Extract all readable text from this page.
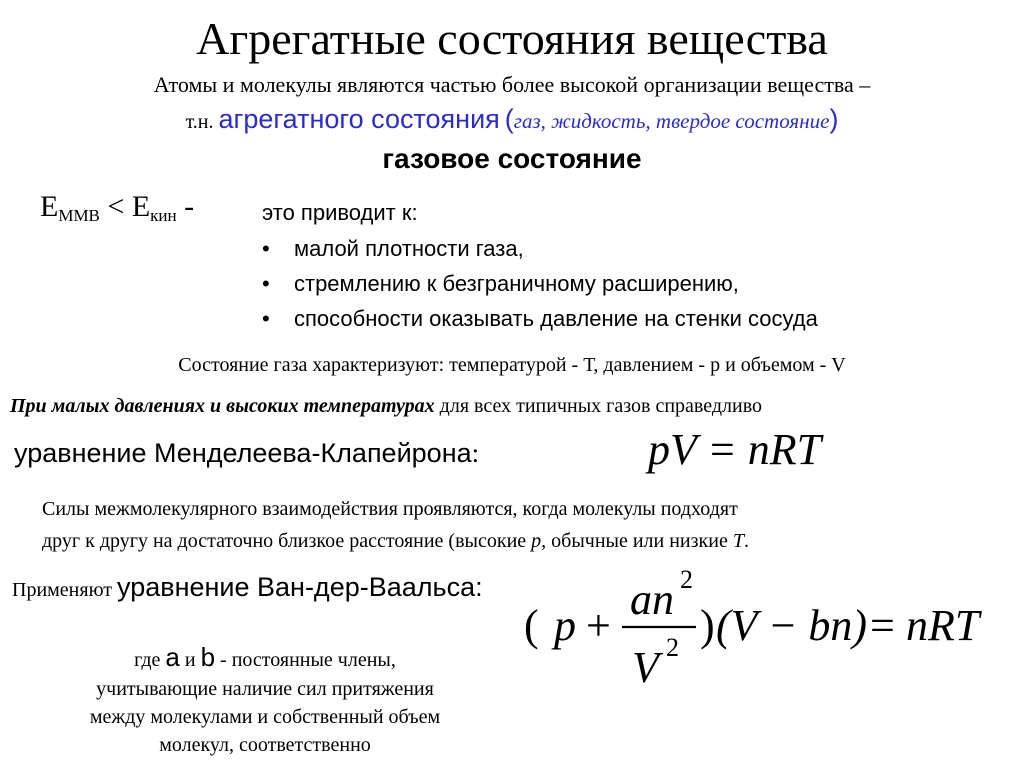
Агрегатные состояния вещества
Атомы и молекулы являются частью более высокой организации вещества –
т.н. агрегатного состояния (газ, жидкость, твердое состояние)
газовое состояние
$E_{ММВ} < E_{кин}$ -	это приводит к:
• малой плотности газа,
• стремлению к безграничному расширению,
• способности оказывать давление на стенки сосуда
Состояние газа характеризуют: температурой - Т, давлением - р и объемом - V
При малых давлениях и высоких температурах для всех типичных газов справедливо
уравнение Менделеева-Клапейрона:	pV = nRT
Силы межмолекулярного взаимодействия проявляются, когда молекулы подходят
друг к другу на достаточно близкое расстояние (высокие р, обычные или низкие Т.
Применяют уравнение Ван-дер-Ваальса:
( p +
an 2
V 2 ) (V − bn) = nRT
где a и b - постоянные члены,
учитывающие наличие сил притяжения
между молекулами и собственный объем
молекул, соответственно
